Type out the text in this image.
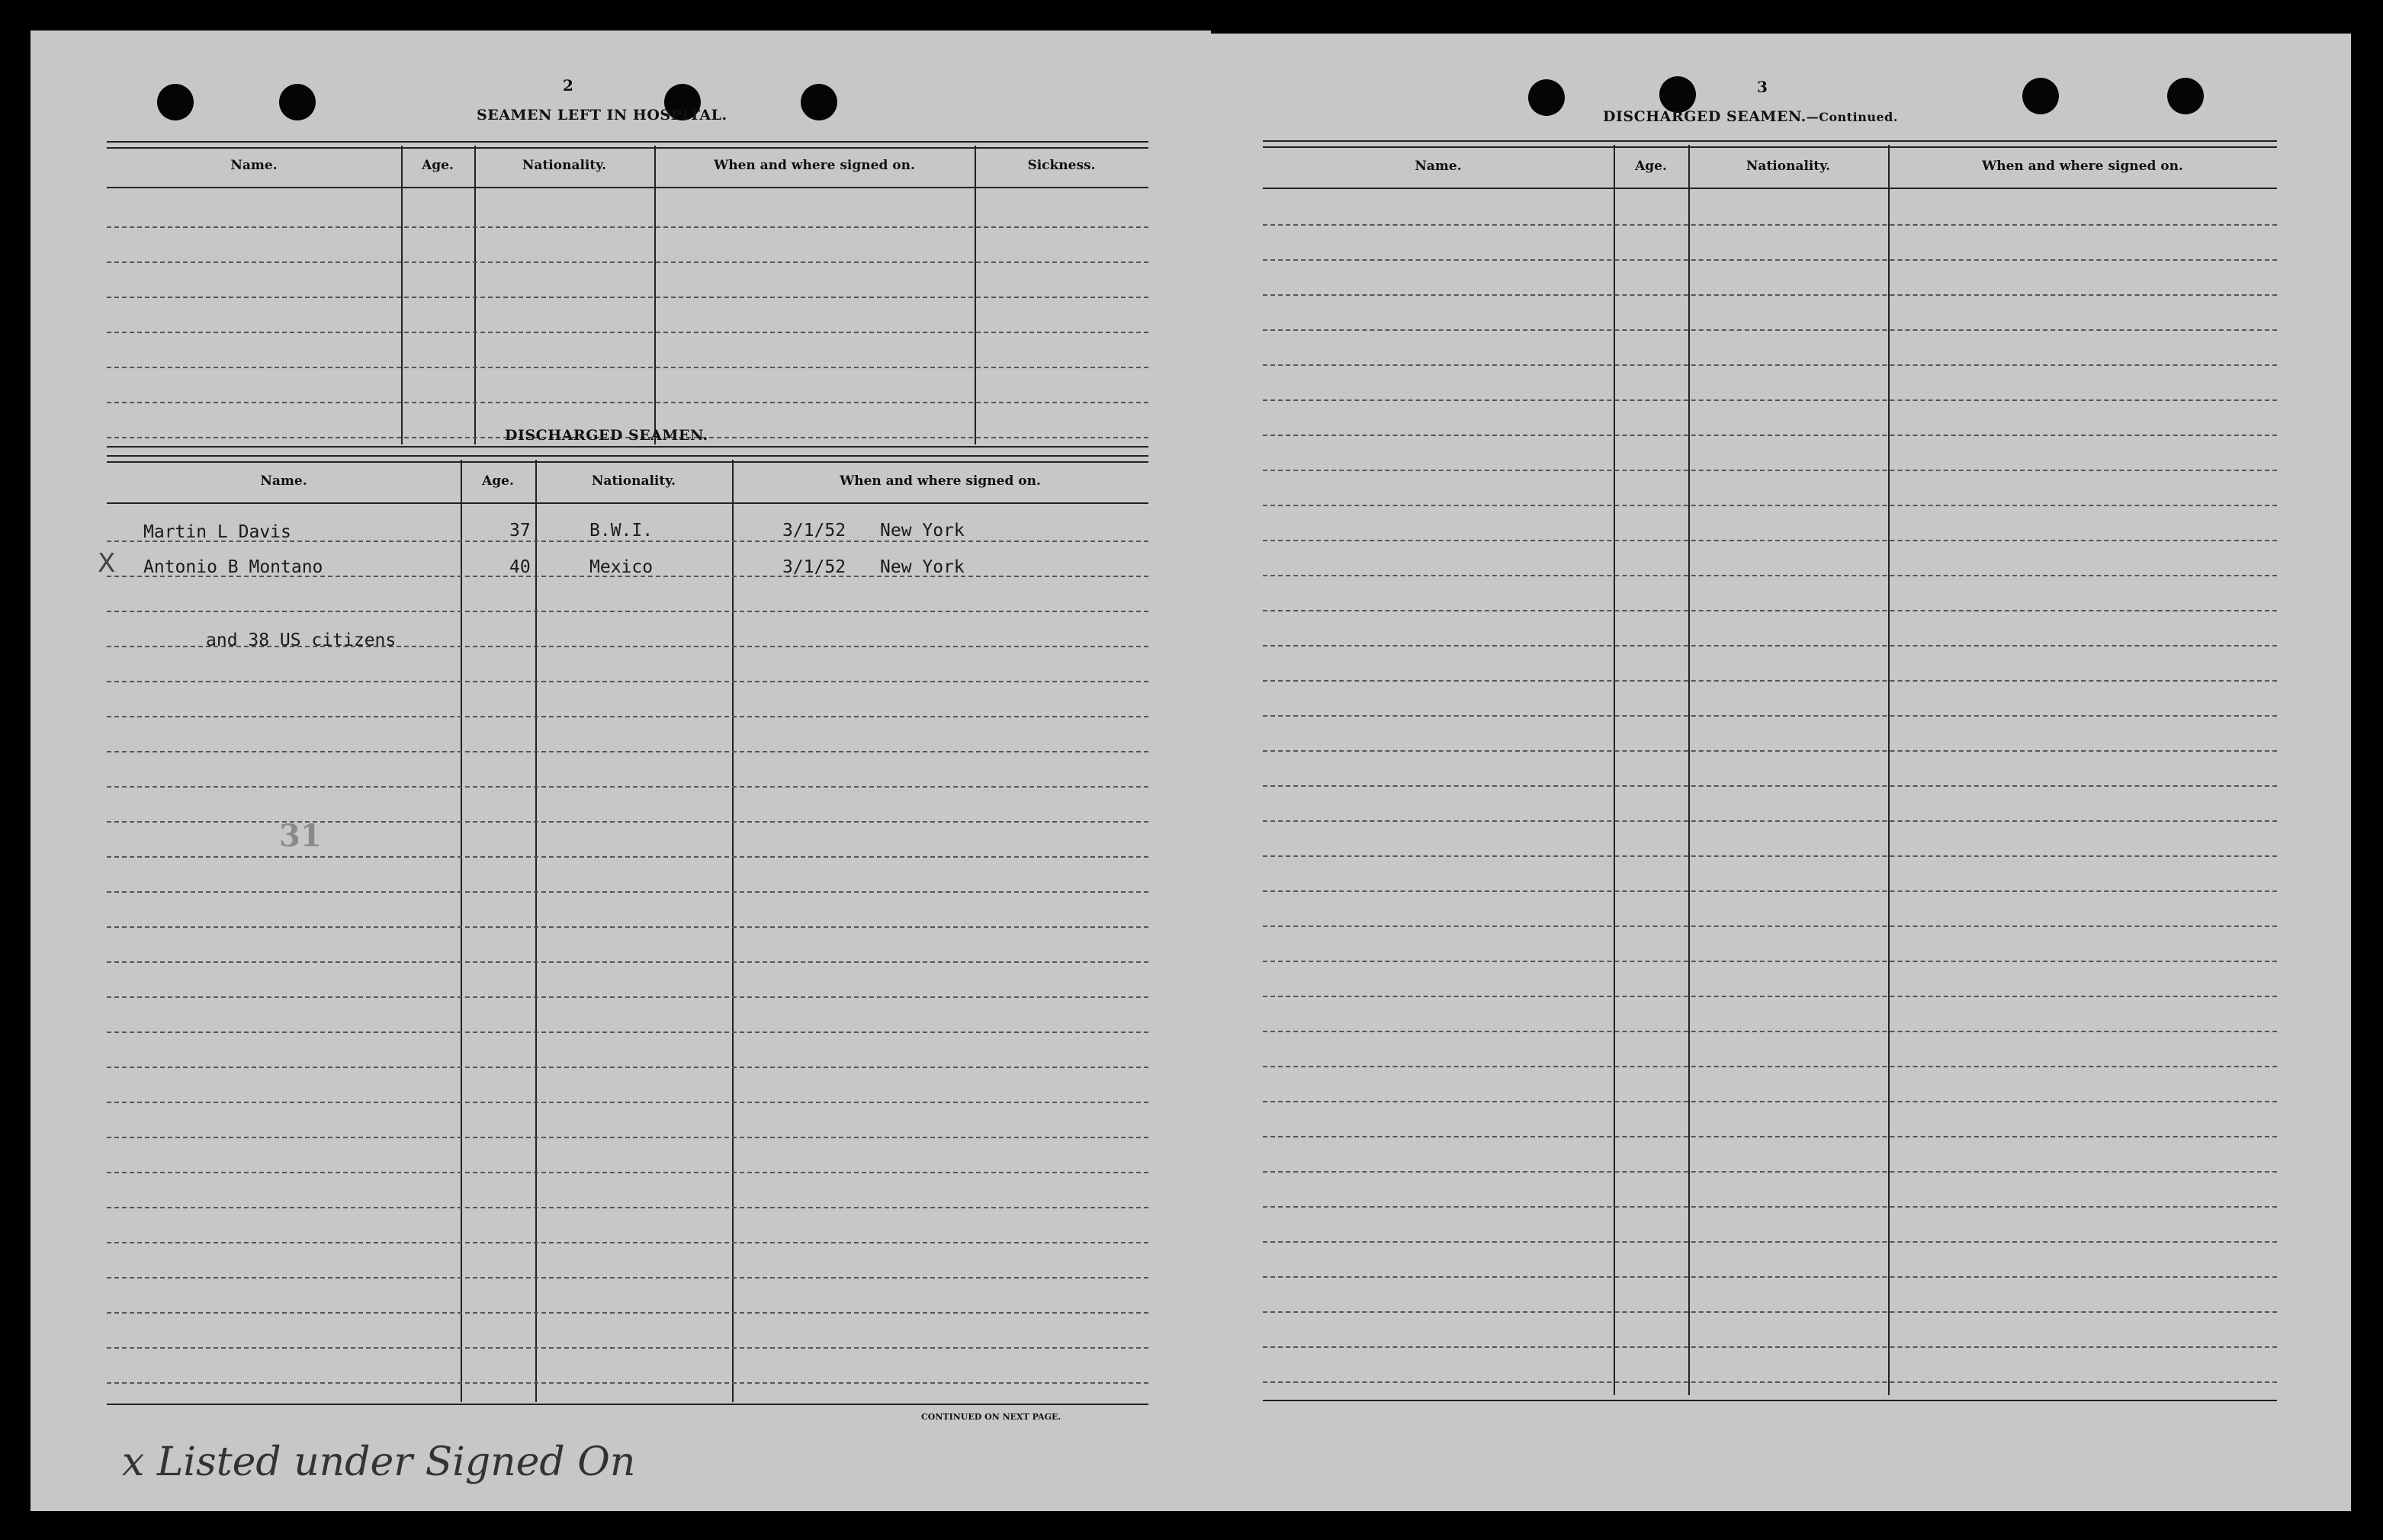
2
SEAMEN LEFT IN HOSPITAL.
Name.	Age.	Nationality.	When and where signed on.	Sickness.
DISCHARGED SEAMEN.
Name.	Age.	Nationality.	When and where signed on.
Martin L Davis	37	B.W.I.	3/1/52 New York
X Antonio B Montano	40	Mexico	3/1/52 New York
and 38 US citizens
31
CONTINUED ON NEXT PAGE.
x Listed under Signed On
3
DISCHARGED SEAMEN.—Continued.
Name.	Age.	Nationality.	When and where signed on.
